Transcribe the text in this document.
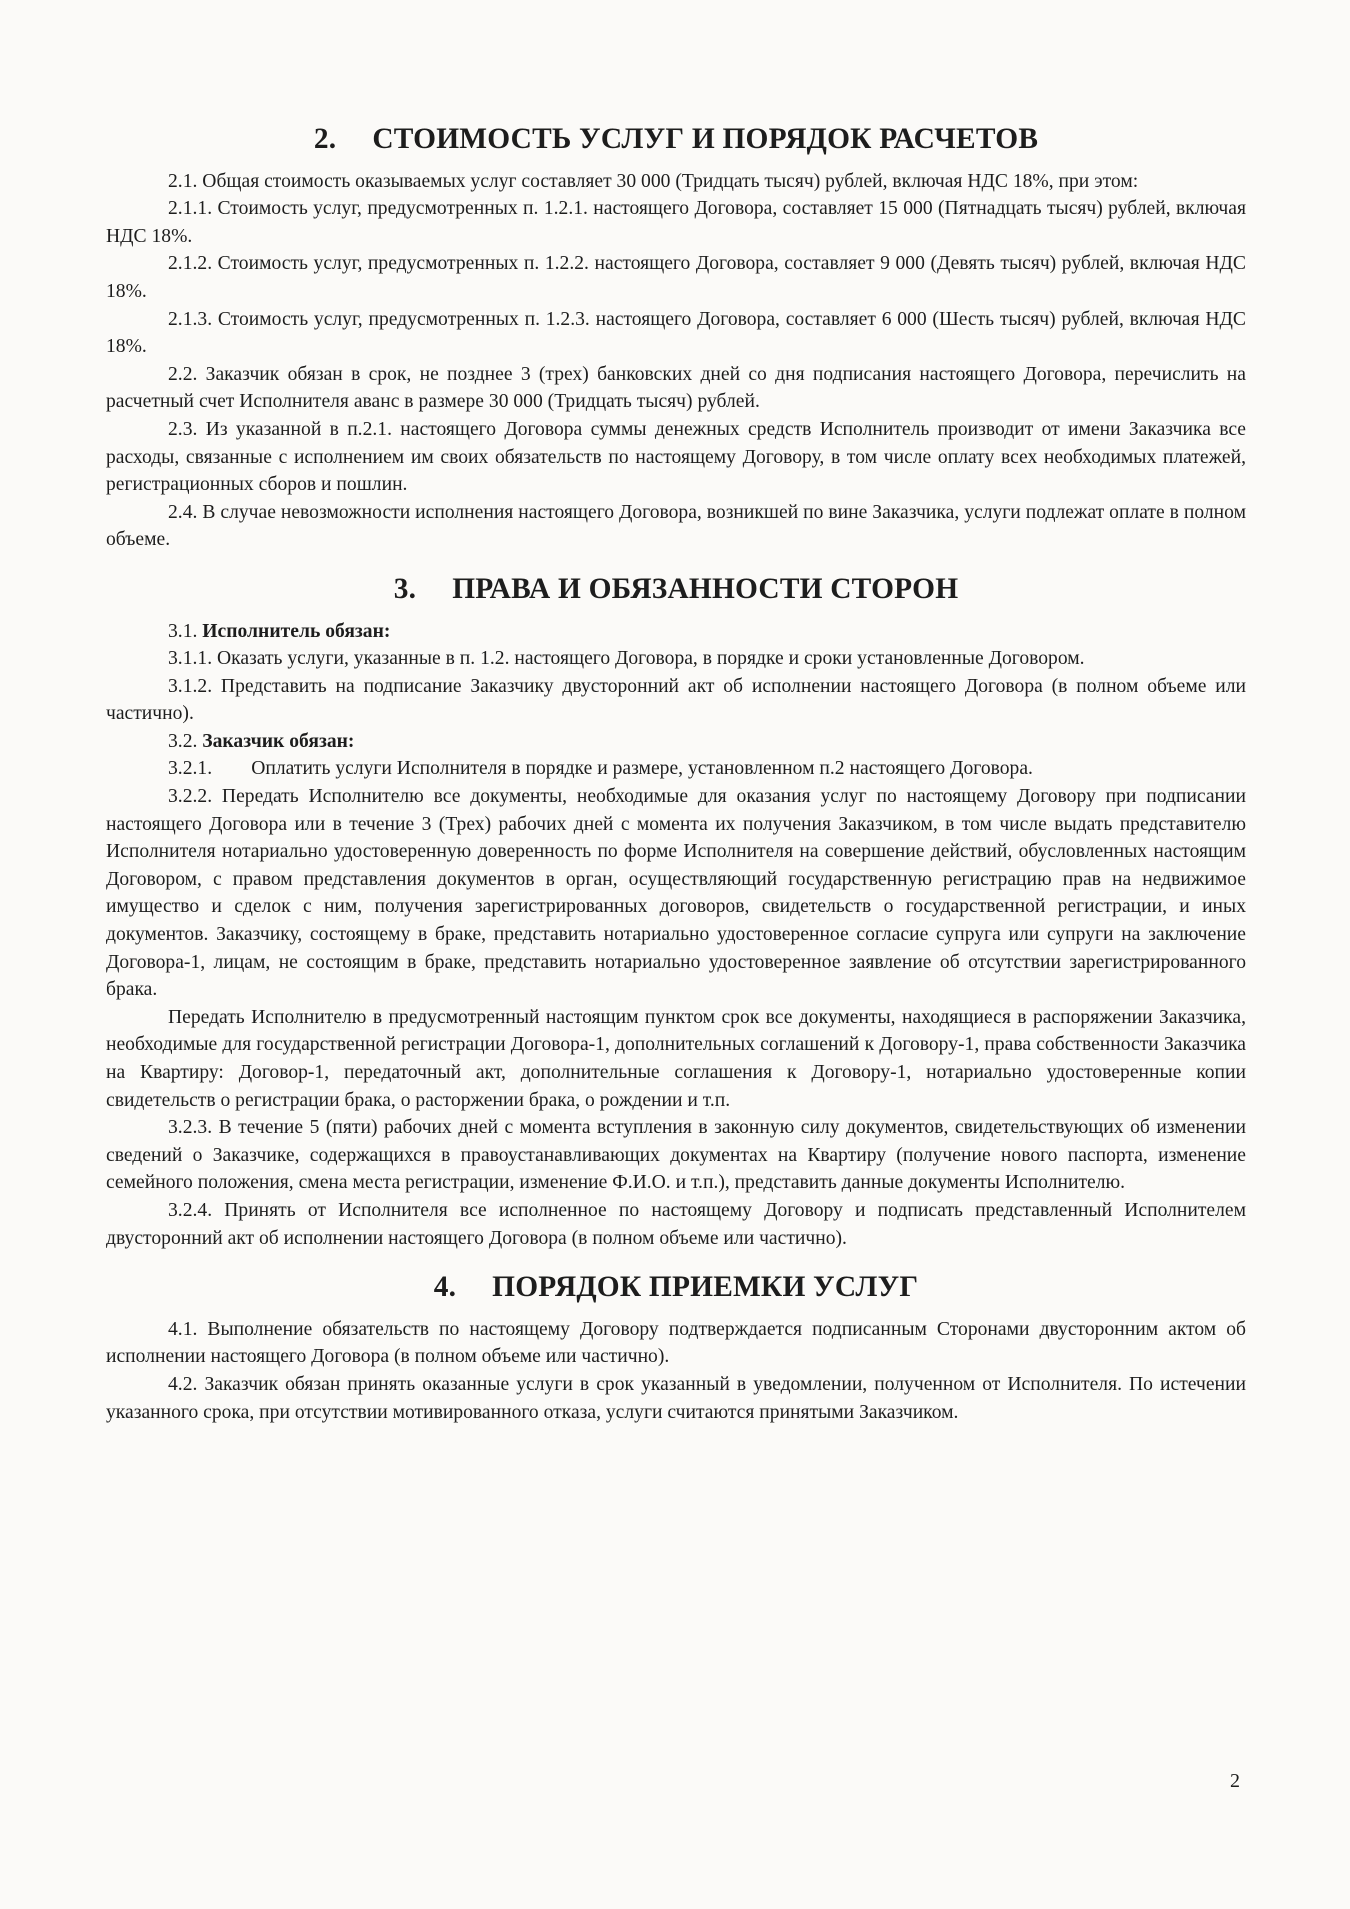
2. СТОИМОСТЬ УСЛУГ И ПОРЯДОК РАСЧЕТОВ

2.1. Общая стоимость оказываемых услуг составляет 30 000 (Тридцать тысяч) рублей, включая НДС 18%, при этом:

2.1.1. Стоимость услуг, предусмотренных п. 1.2.1. настоящего Договора, составляет 15 000 (Пятнадцать тысяч) рублей, включая НДС 18%.

2.1.2. Стоимость услуг, предусмотренных п. 1.2.2. настоящего Договора, составляет 9 000 (Девять тысяч) рублей, включая НДС 18%.

2.1.3. Стоимость услуг, предусмотренных п. 1.2.3. настоящего Договора, составляет 6 000 (Шесть тысяч) рублей, включая НДС 18%.

2.2. Заказчик обязан в срок, не позднее 3 (трех) банковских дней со дня подписания настоящего Договора, перечислить на расчетный счет Исполнителя аванс в размере 30 000 (Тридцать тысяч) рублей.

2.3. Из указанной в п.2.1. настоящего Договора суммы денежных средств Исполнитель производит от имени Заказчика все расходы, связанные с исполнением им своих обязательств по настоящему Договору, в том числе оплату всех необходимых платежей, регистрационных сборов и пошлин.

2.4. В случае невозможности исполнения настоящего Договора, возникшей по вине Заказчика, услуги подлежат оплате в полном объеме.

3. ПРАВА И ОБЯЗАННОСТИ СТОРОН

3.1. Исполнитель обязан:

3.1.1. Оказать услуги, указанные в п. 1.2. настоящего Договора, в порядке и сроки установленные Договором.

3.1.2. Представить на подписание Заказчику двусторонний акт об исполнении настоящего Договора (в полном объеме или частично).

3.2. Заказчик обязан:

3.2.1.        Оплатить услуги Исполнителя в порядке и размере, установленном п.2 настоящего Договора.

3.2.2. Передать Исполнителю все документы, необходимые для оказания услуг по настоящему Договору при подписании настоящего Договора или в течение 3 (Трех) рабочих дней с момента их получения Заказчиком, в том числе выдать представителю Исполнителя нотариально удостоверенную доверенность по форме Исполнителя на совершение действий, обусловленных настоящим Договором, с правом представления документов в орган, осуществляющий государственную регистрацию прав на недвижимое имущество и сделок с ним, получения зарегистрированных договоров, свидетельств о государственной регистрации, и иных документов. Заказчику, состоящему в браке, представить нотариально удостоверенное согласие супруга или супруги на заключение      Договора-1, лицам, не состоящим в браке, представить нотариально удостоверенное заявление об отсутствии зарегистрированного брака.

Передать Исполнителю в предусмотренный настоящим пунктом срок все документы, находящиеся в распоряжении Заказчика, необходимые для государственной регистрации Договора-1, дополнительных соглашений к Договору-1, права собственности Заказчика на Квартиру: Договор-1, передаточный акт, дополнительные соглашения к Договору-1, нотариально удостоверенные копии свидетельств о регистрации брака, о расторжении брака, о рождении и т.п.

3.2.3. В течение 5 (пяти) рабочих дней с момента вступления в законную силу документов, свидетельствующих об изменении сведений о Заказчике, содержащихся в правоустанавливающих документах на Квартиру (получение нового паспорта, изменение семейного положения, смена места регистрации, изменение Ф.И.О. и т.п.), представить данные документы Исполнителю.

3.2.4. Принять от Исполнителя все исполненное по настоящему Договору и подписать представленный Исполнителем двусторонний акт об исполнении настоящего Договора (в полном объеме или частично).

4. ПОРЯДОК ПРИЕМКИ УСЛУГ

4.1. Выполнение обязательств по настоящему Договору подтверждается подписанным Сторонами двусторонним актом об исполнении настоящего Договора (в полном объеме или частично).

4.2. Заказчик обязан принять оказанные услуги в срок указанный в уведомлении, полученном от Исполнителя. По истечении указанного срока, при отсутствии мотивированного отказа, услуги считаются принятыми Заказчиком.

2
